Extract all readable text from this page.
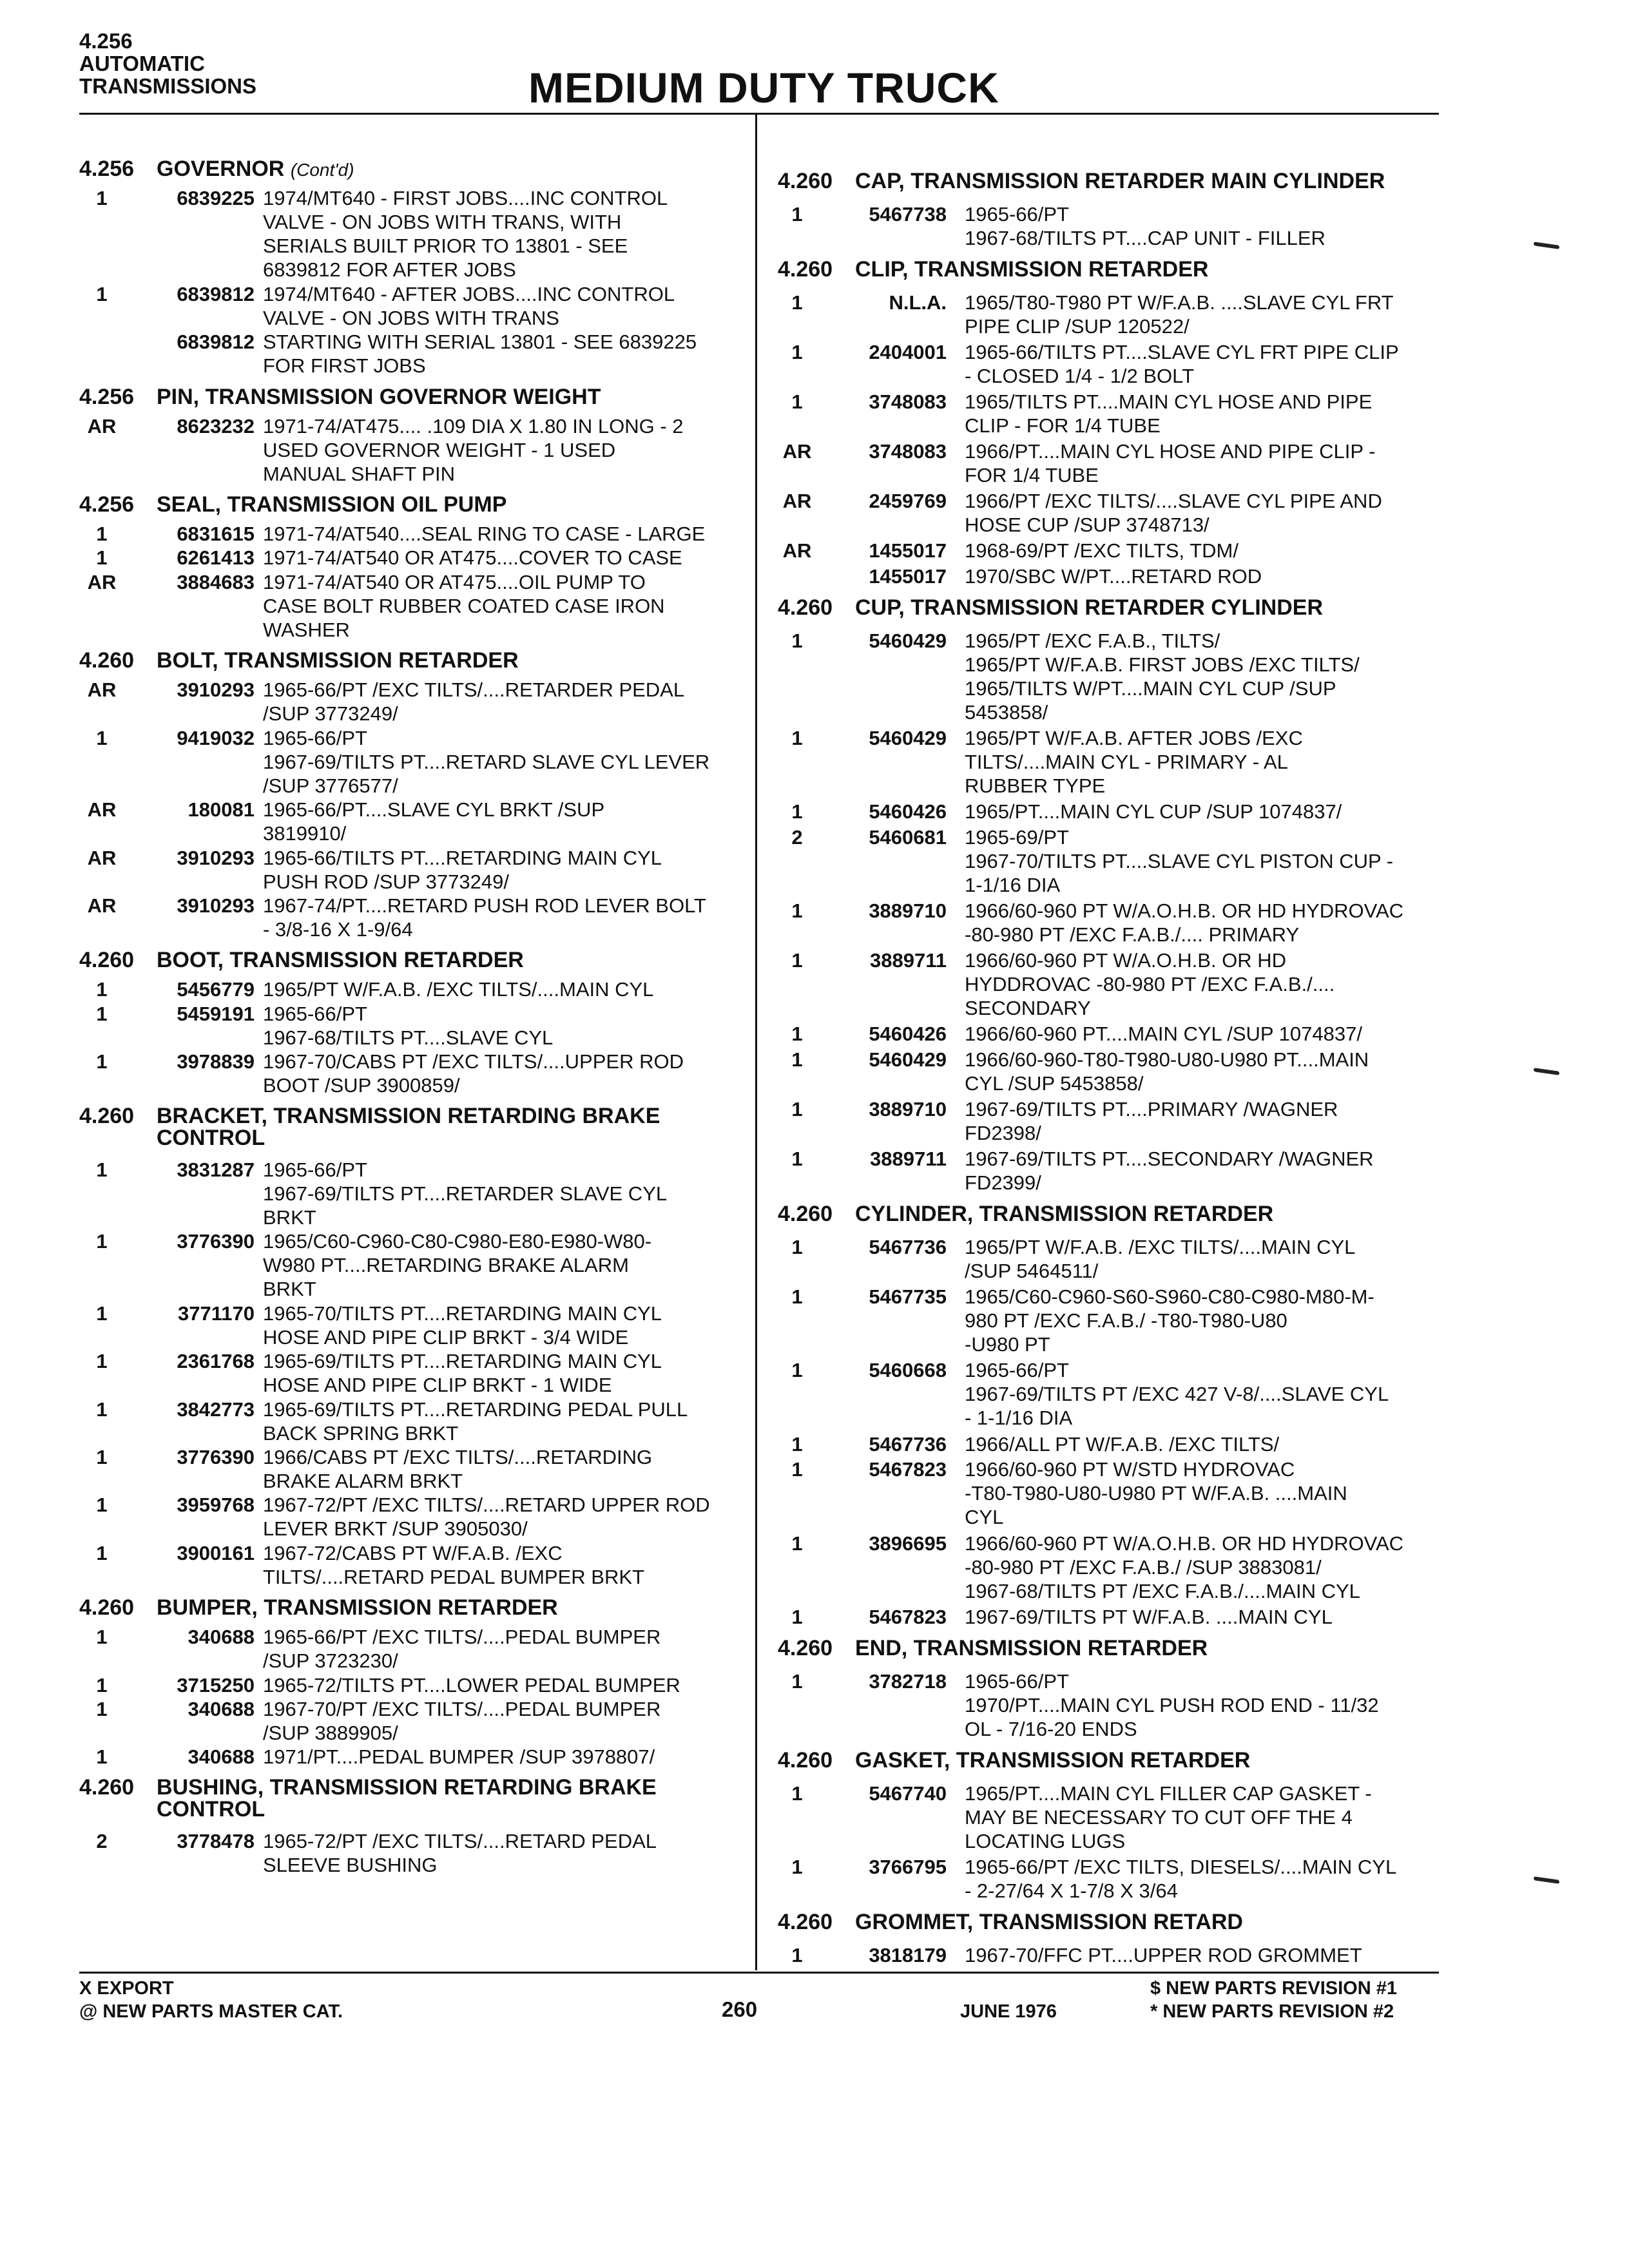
4.256
AUTOMATIC
TRANSMISSIONS	MEDIUM DUTY TRUCK
4.256 GOVERNOR (Cont'd)
1	6839225 1974/MT640 - FIRST JOBS....INC CONTROL
VALVE - ON JOBS WITH TRANS, WITH
SERIALS BUILT PRIOR TO 13801 - SEE
6839812 FOR AFTER JOBS
1	6839812 1974/MT640 - AFTER JOBS....INC CONTROL
VALVE - ON JOBS WITH TRANS
6839812 STARTING WITH SERIAL 13801 - SEE 6839225
FOR FIRST JOBS
4.256 PIN, TRANSMISSION GOVERNOR WEIGHT
AR	8623232 1971-74/AT475.... .109 DIA X 1.80 IN LONG - 2
USED GOVERNOR WEIGHT - 1 USED
MANUAL SHAFT PIN
4.256 SEAL, TRANSMISSION OIL PUMP
1	6831615 1971-74/AT540....SEAL RING TO CASE - LARGE
1	6261413 1971-74/AT540 OR AT475....COVER TO CASE
AR	3884683 1971-74/AT540 OR AT475....OIL PUMP TO
CASE BOLT RUBBER COATED CASE IRON
WASHER
4.260 BOLT, TRANSMISSION RETARDER
AR	3910293 1965-66/PT /EXC TILTS/....RETARDER PEDAL
/SUP 3773249/
1	9419032 1965-66/PT
1967-69/TILTS PT....RETARD SLAVE CYL LEVER
/SUP 3776577/
AR	180081 1965-66/PT....SLAVE CYL BRKT /SUP
3819910/
AR	3910293 1965-66/TILTS PT....RETARDING MAIN CYL
PUSH ROD /SUP 3773249/
AR	3910293 1967-74/PT....RETARD PUSH ROD LEVER BOLT
- 3/8-16 X 1-9/64
4.260 BOOT, TRANSMISSION RETARDER
1	5456779 1965/PT W/F.A.B. /EXC TILTS/....MAIN CYL
1	5459191 1965-66/PT
1967-68/TILTS PT....SLAVE CYL
1	3978839 1967-70/CABS PT /EXC TILTS/....UPPER ROD
BOOT /SUP 3900859/
4.260 BRACKET, TRANSMISSION RETARDING BRAKE
CONTROL
1	3831287 1965-66/PT
1967-69/TILTS PT....RETARDER SLAVE CYL
BRKT
1	3776390 1965/C60-C960-C80-C980-E80-E980-W80-
W980 PT....RETARDING BRAKE ALARM
BRKT
1	3771170 1965-70/TILTS PT....RETARDING MAIN CYL
HOSE AND PIPE CLIP BRKT - 3/4 WIDE
1	2361768 1965-69/TILTS PT....RETARDING MAIN CYL
HOSE AND PIPE CLIP BRKT - 1 WIDE
1	3842773 1965-69/TILTS PT....RETARDING PEDAL PULL
BACK SPRING BRKT
1	3776390 1966/CABS PT /EXC TILTS/....RETARDING
BRAKE ALARM BRKT
1	3959768 1967-72/PT /EXC TILTS/....RETARD UPPER ROD
LEVER BRKT /SUP 3905030/
1	3900161 1967-72/CABS PT W/F.A.B. /EXC
TILTS/....RETARD PEDAL BUMPER BRKT
4.260 BUMPER, TRANSMISSION RETARDER
1	340688 1965-66/PT /EXC TILTS/....PEDAL BUMPER
/SUP 3723230/
1	3715250 1965-72/TILTS PT....LOWER PEDAL BUMPER
1	340688 1967-70/PT /EXC TILTS/....PEDAL BUMPER
/SUP 3889905/
1	340688 1971/PT....PEDAL BUMPER /SUP 3978807/
4.260 BUSHING, TRANSMISSION RETARDING BRAKE
CONTROL
2	3778478 1965-72/PT /EXC TILTS/....RETARD PEDAL
SLEEVE BUSHING
4.260 CAP, TRANSMISSION RETARDER MAIN CYLINDER
1	5467738 1965-66/PT
1967-68/TILTS PT....CAP UNIT - FILLER
4.260 CLIP, TRANSMISSION RETARDER
1	N.L.A. 1965/T80-T980 PT W/F.A.B. ....SLAVE CYL FRT
PIPE CLIP /SUP 120522/
1	2404001 1965-66/TILTS PT....SLAVE CYL FRT PIPE CLIP
- CLOSED 1/4 - 1/2 BOLT
1	3748083 1965/TILTS PT....MAIN CYL HOSE AND PIPE
CLIP - FOR 1/4 TUBE
AR	3748083 1966/PT....MAIN CYL HOSE AND PIPE CLIP -
FOR 1/4 TUBE
AR	2459769 1966/PT /EXC TILTS/....SLAVE CYL PIPE AND
HOSE CUP /SUP 3748713/
AR	1455017 1968-69/PT /EXC TILTS, TDM/
1455017 1970/SBC W/PT....RETARD ROD
4.260 CUP, TRANSMISSION RETARDER CYLINDER
1	5460429 1965/PT /EXC F.A.B., TILTS/
1965/PT W/F.A.B. FIRST JOBS /EXC TILTS/
1965/TILTS W/PT....MAIN CYL CUP /SUP
5453858/
1	5460429 1965/PT W/F.A.B. AFTER JOBS /EXC
TILTS/....MAIN CYL - PRIMARY - AL
RUBBER TYPE
1	5460426 1965/PT....MAIN CYL CUP /SUP 1074837/
2	5460681 1965-69/PT
1967-70/TILTS PT....SLAVE CYL PISTON CUP -
1-1/16 DIA
1	3889710 1966/60-960 PT W/A.O.H.B. OR HD HYDROVAC
-80-980 PT /EXC F.A.B./.... PRIMARY
1	3889711 1966/60-960 PT W/A.O.H.B. OR HD
HYDDROVAC -80-980 PT /EXC F.A.B./....
SECONDARY
1	5460426 1966/60-960 PT....MAIN CYL /SUP 1074837/
1	5460429 1966/60-960-T80-T980-U80-U980 PT....MAIN
CYL /SUP 5453858/
1	3889710 1967-69/TILTS PT....PRIMARY /WAGNER
FD2398/
1	3889711 1967-69/TILTS PT....SECONDARY /WAGNER
FD2399/
4.260 CYLINDER, TRANSMISSION RETARDER
1	5467736 1965/PT W/F.A.B. /EXC TILTS/....MAIN CYL
/SUP 5464511/
1	5467735 1965/C60-C960-S60-S960-C80-C980-M80-M-
980 PT /EXC F.A.B./ -T80-T980-U80
-U980 PT
1	5460668 1965-66/PT
1967-69/TILTS PT /EXC 427 V-8/....SLAVE CYL
- 1-1/16 DIA
1	5467736 1966/ALL PT W/F.A.B. /EXC TILTS/
1	5467823 1966/60-960 PT W/STD HYDROVAC
-T80-T980-U80-U980 PT W/F.A.B. ....MAIN
CYL
1	3896695 1966/60-960 PT W/A.O.H.B. OR HD HYDROVAC
-80-980 PT /EXC F.A.B./ /SUP 3883081/
1967-68/TILTS PT /EXC F.A.B./....MAIN CYL
1	5467823 1967-69/TILTS PT W/F.A.B. ....MAIN CYL
4.260 END, TRANSMISSION RETARDER
1	3782718 1965-66/PT
1970/PT....MAIN CYL PUSH ROD END - 11/32
OL - 7/16-20 ENDS
4.260 GASKET, TRANSMISSION RETARDER
1	5467740 1965/PT....MAIN CYL FILLER CAP GASKET -
MAY BE NECESSARY TO CUT OFF THE 4
LOCATING LUGS
1	3766795 1965-66/PT /EXC TILTS, DIESELS/....MAIN CYL
- 2-27/64 X 1-7/8 X 3/64
4.260 GROMMET, TRANSMISSION RETARD
1	3818179 1967-70/FFC PT....UPPER ROD GROMMET
X EXPORT
@ NEW PARTS MASTER CAT.	260	JUNE 1976
$ NEW PARTS REVISION #1
* NEW PARTS REVISION #2
